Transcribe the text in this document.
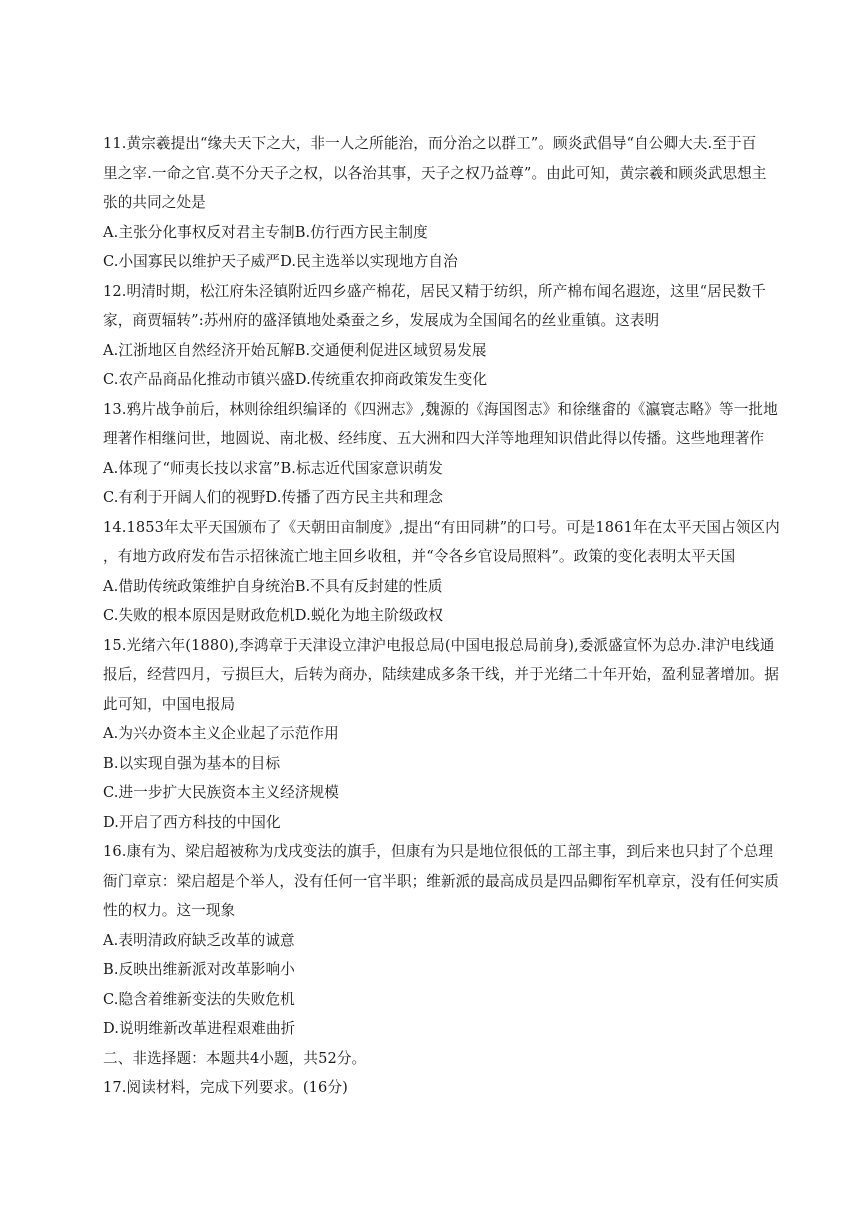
11.黄宗羲提出“缘夫天下之大，非一人之所能治，而分治之以群工”。顾炎武倡导“自公卿大夫.至于百
里之宰.一命之官.莫不分天子之权，以各治其事，天子之权乃益尊”。由此可知，黄宗羲和顾炎武思想主
张的共同之处是
A.主张分化事权反对君主专制B.仿行西方民主制度
C.小国寡民以维护天子威严D.民主选举以实现地方自治
12.明清时期，松江府朱泾镇附近四乡盛产棉花，居民又精于纺织，所产棉布闻名遐迩，这里“居民数千
家，商贾辐转”:苏州府的盛泽镇地处桑蚕之乡，发展成为全国闻名的丝业重镇。这表明
A.江浙地区自然经济开始瓦解B.交通便利促进区域贸易发展
C.农产品商品化推动市镇兴盛D.传统重农抑商政策发生变化
13.鸦片战争前后，林则徐组织编译的《四洲志》,魏源的《海国图志》和徐继畬的《瀛寰志略》等一批地
理著作相继问世，地圆说、南北极、经纬度、五大洲和四大洋等地理知识借此得以传播。这些地理著作
A.体现了“师夷长技以求富”B.标志近代国家意识萌发
C.有利于开阔人们的视野D.传播了西方民主共和理念
14.1853年太平天国颁布了《天朝田亩制度》,提出“有田同耕”的口号。可是1861年在太平天国占领区内
，有地方政府发布告示招徕流亡地主回乡收租，并“令各乡官设局照料”。政策的变化表明太平天国
A.借助传统政策维护自身统治B.不具有反封建的性质
C.失败的根本原因是财政危机D.蜕化为地主阶级政权
15.光绪六年(1880),李鸿章于天津设立津沪电报总局(中国电报总局前身),委派盛宣怀为总办.津沪电线通
报后，经营四月，亏损巨大，后转为商办，陆续建成多条干线，并于光绪二十年开始，盈利显著增加。据
此可知，中国电报局
A.为兴办资本主义企业起了示范作用
B.以实现自强为基本的目标
C.进一步扩大民族资本主义经济规模
D.开启了西方科技的中国化
16.康有为、梁启超被称为戊戌变法的旗手，但康有为只是地位很低的工部主事，到后来也只封了个总理
衙门章京：梁启超是个举人，没有任何一官半职；维新派的最高成员是四品卿衔军机章京，没有任何实质
性的权力。这一现象
A.表明清政府缺乏改革的诚意
B.反映出维新派对改革影响小
C.隐含着维新变法的失败危机
D.说明维新改革进程艰难曲折
二、非选择题：本题共4小题，共52分。
17.阅读材料，完成下列要求。(16分)
